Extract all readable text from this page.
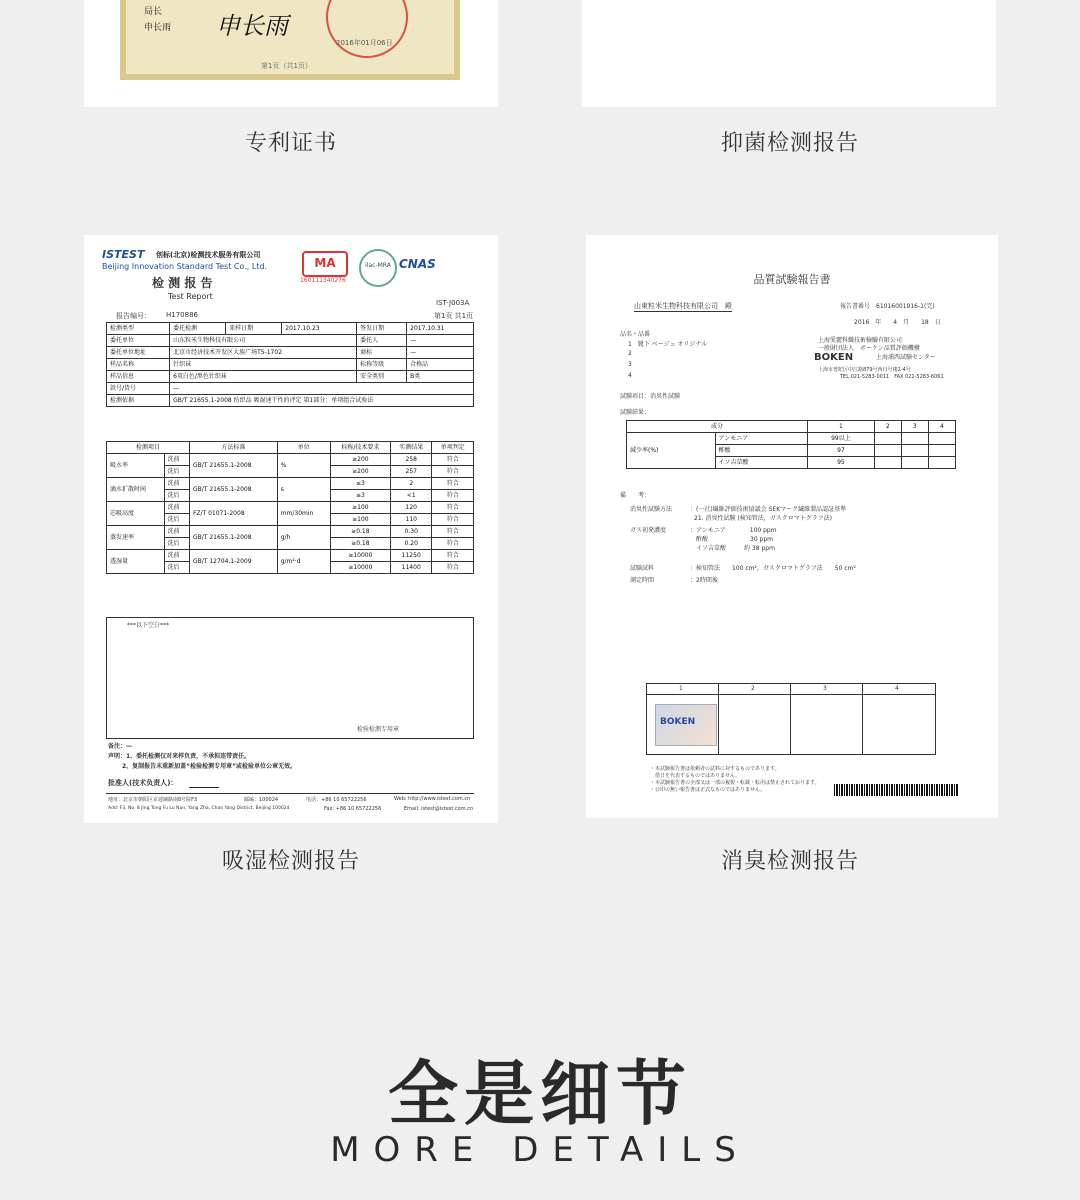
局长
申长雨 申长雨
2016年01月06日
第1页（共1页）
专利证书	抑菌检测报告
ISTEST 创标(北京)检测技术服务有限公司
Beijing Innovation Standard Test Co., Ltd.
检 测 报 告
Test Report
MA
160111340276
ilac-MRA CNAS
IST-J003A
报告编号： H170886	第1页 共1页
检测类型	委托检测	来样日期	2017.10.23	签发日期	2017.10.31
委托单位	山东粒米生物科技有限公司			委托人	—
委托单位地址	北京市经济技术开发区大族广场T5-1702			商标	—
样品名称	针织袜			标称等级	合格品
样品信息	6双白色/黑色针织袜			安全类别	B类
款号/货号	—				
检测依据	GB/T 21655.1-2008 纺织品 吸湿速干性的评定 第1部分：单项组合试验法				
检测项目		方法标准	单位	标称/技术要求	实测结果	单项判定
吸水率	洗前	GB/T 21655.1-2008	%	≥200	258	符合
	洗后			≥200	257	符合
滴水扩散时间	洗前	GB/T 21655.1-2008	s	≤3	2	符合
	洗后			≤3	<1	符合
芯吸高度	洗前	FZ/T 01071-2008	mm/30min	≥100	120	符合
	洗后			≥100	110	符合
蒸发速率	洗前	GB/T 21655.1-2008	g/h	≥0.18	0.30	符合
	洗后			≥0.18	0.20	符合
透湿量	洗前	GB/T 12704.1-2009	g/m²·d	≥10000	11250	符合
	洗后			≥10000	11400	符合
***以下空白***
检验检测专用章
备注：—
声明：1、委托检测仅对来样负责，不承担连带责任。
2、复制报告未重新加盖“检验检测专用章”或检验单位公章无效。
批准人(技术负责人)：
地址：北京市朝阳区京通辅路南8号院F3	邮编：100024	电话：+86 10 65722256	Web: http://www.istest.com.cn
Add: F3, No. 8 Jing Tong Fu Lu Nan, Yang Zha, Chao Yang District, Beijing 100024	Fax: +86 10 65722256	Email: istest@istest.com.cn
品質試験報告書
山東粒米生物科技有限公司　殿	報告書番号　61016001916-1(完)
2016　年　　4　月　　18　日
品名・品番
1　靴下 ベージュ オリジナル
2
3
4
上海愛麗科織技術檢驗有限公司
一般財団法人　ボーケン品質評価機構
BOKEN	上海浦西試験センター
上海市普陀区中江路879号西日号楼2-4号
TEL 021-5283-0011　FAX 021-5283-6061
試験項目：消臭性試験
試験結果：
成分		1	2	3	4
減少率(%)	アンモニア	99以上			
	酢酸	97			
	イソ吉草酸	95			
備　　考：
消臭性試験方法	：(一社)繊維評価技術協議会 SEKマーク繊維製品認証基準
21. 消臭性試験 (検知管法，ガスクロマトグラフ法)
ガス初発濃度	：アンモニア　　　　100 ppm
　酢酸　　　　　　　30 ppm
　イソ吉草酸　　　約 38 ppm
試験試料	：検知管法　　100 cm²，ガスクロマトグラフ法　　50 cm²
測定時間	：2時間後
1	2	3	4
BOKEN
・本試験報告書は依頼者の試料に対するものであります。
　借日を代表するものではありません。
・本試験報告書の全部又は一部の複製・転載・転用は禁止されております。
・公印の無い報告書は正式なものではありません。
吸湿检测报告	消臭检测报告
全是细节
MORE DETAILS
